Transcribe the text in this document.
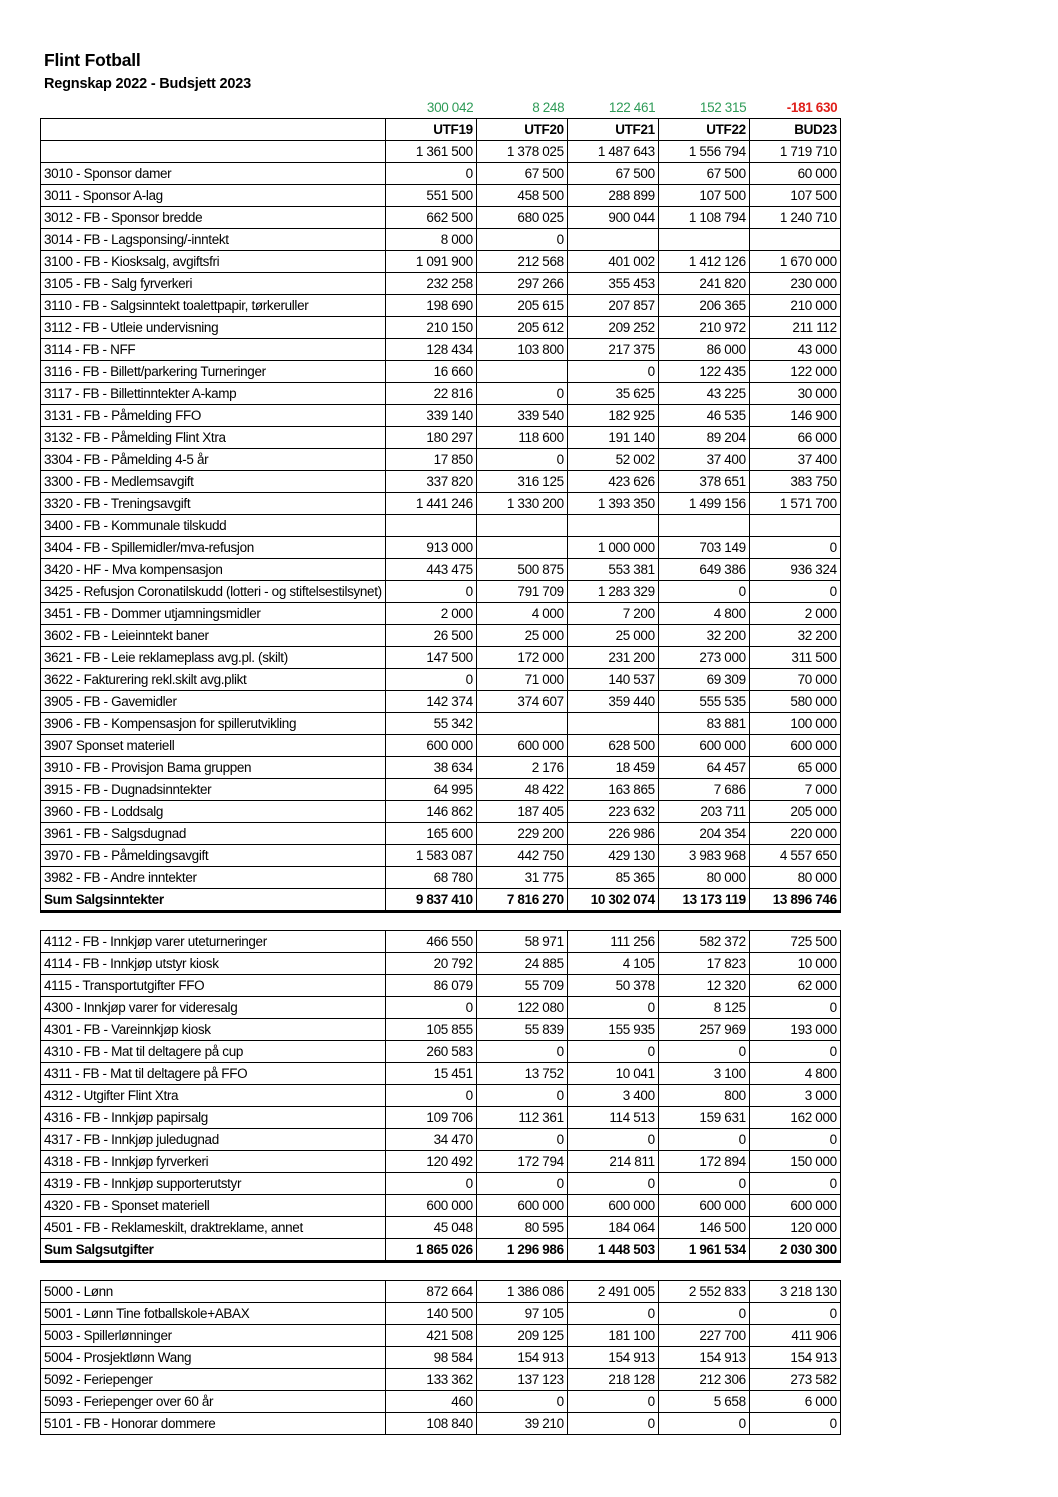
Flint Fotball
Regnskap 2022 - Budsjett 2023
	300 042	8 248	122 461	152 315	-181 630
	UTF19	UTF20	UTF21	UTF22	BUD23
	1 361 500	1 378 025	1 487 643	1 556 794	1 719 710
3010 - Sponsor damer	0	67 500	67 500	67 500	60 000
3011 - Sponsor A-lag	551 500	458 500	288 899	107 500	107 500
3012 - FB - Sponsor bredde	662 500	680 025	900 044	1 108 794	1 240 710
3014 - FB - Lagsponsing/-inntekt	8 000	0			
3100 - FB - Kiosksalg, avgiftsfri	1 091 900	212 568	401 002	1 412 126	1 670 000
3105 - FB - Salg fyrverkeri	232 258	297 266	355 453	241 820	230 000
3110 - FB - Salgsinntekt toalettpapir, tørkeruller	198 690	205 615	207 857	206 365	210 000
3112 - FB - Utleie undervisning	210 150	205 612	209 252	210 972	211 112
3114 - FB - NFF	128 434	103 800	217 375	86 000	43 000
3116 - FB - Billett/parkering Turneringer	16 660		0	122 435	122 000
3117 - FB - Billettinntekter A-kamp	22 816	0	35 625	43 225	30 000
3131 - FB - Påmelding FFO	339 140	339 540	182 925	46 535	146 900
3132 - FB - Påmelding Flint Xtra	180 297	118 600	191 140	89 204	66 000
3304 - FB - Påmelding 4-5 år	17 850	0	52 002	37 400	37 400
3300 - FB - Medlemsavgift	337 820	316 125	423 626	378 651	383 750
3320 - FB - Treningsavgift	1 441 246	1 330 200	1 393 350	1 499 156	1 571 700
3400 - FB - Kommunale tilskudd					
3404 - FB - Spillemidler/mva-refusjon	913 000		1 000 000	703 149	0
3420 - HF - Mva kompensasjon	443 475	500 875	553 381	649 386	936 324
3425 - Refusjon Coronatilskudd (lotteri - og stiftelsestilsynet)	0	791 709	1 283 329	0	0
3451 - FB - Dommer utjamningsmidler	2 000	4 000	7 200	4 800	2 000
3602 - FB - Leieinntekt baner	26 500	25 000	25 000	32 200	32 200
3621 - FB - Leie reklameplass avg.pl. (skilt)	147 500	172 000	231 200	273 000	311 500
3622 - Fakturering rekl.skilt avg.plikt	0	71 000	140 537	69 309	70 000
3905 - FB - Gavemidler	142 374	374 607	359 440	555 535	580 000
3906 - FB - Kompensasjon for spillerutvikling	55 342			83 881	100 000
3907 Sponset materiell	600 000	600 000	628 500	600 000	600 000
3910 - FB - Provisjon Bama gruppen	38 634	2 176	18 459	64 457	65 000
3915 - FB - Dugnadsinntekter	64 995	48 422	163 865	7 686	7 000
3960 - FB - Loddsalg	146 862	187 405	223 632	203 711	205 000
3961 - FB - Salgsdugnad	165 600	229 200	226 986	204 354	220 000
3970 - FB - Påmeldingsavgift	1 583 087	442 750	429 130	3 983 968	4 557 650
3982 - FB - Andre inntekter	68 780	31 775	85 365	80 000	80 000
Sum Salgsinntekter	9 837 410	7 816 270	10 302 074	13 173 119	13 896 746

4112 - FB - Innkjøp varer uteturneringer	466 550	58 971	111 256	582 372	725 500
4114 - FB - Innkjøp utstyr kiosk	20 792	24 885	4 105	17 823	10 000
4115 - Transportutgifter FFO	86 079	55 709	50 378	12 320	62 000
4300 - Innkjøp varer for videresalg	0	122 080	0	8 125	0
4301 - FB - Vareinnkjøp kiosk	105 855	55 839	155 935	257 969	193 000
4310 - FB - Mat til deltagere på cup	260 583	0	0	0	0
4311 - FB - Mat til deltagere på FFO	15 451	13 752	10 041	3 100	4 800
4312 - Utgifter Flint Xtra	0	0	3 400	800	3 000
4316 - FB - Innkjøp papirsalg	109 706	112 361	114 513	159 631	162 000
4317 - FB - Innkjøp juledugnad	34 470	0	0	0	0
4318 - FB - Innkjøp fyrverkeri	120 492	172 794	214 811	172 894	150 000
4319 - FB - Innkjøp supporterutstyr	0	0	0	0	0
4320 - FB - Sponset materiell	600 000	600 000	600 000	600 000	600 000
4501 - FB - Reklameskilt, draktreklame, annet	45 048	80 595	184 064	146 500	120 000
Sum Salgsutgifter	1 865 026	1 296 986	1 448 503	1 961 534	2 030 300

5000 - Lønn	872 664	1 386 086	2 491 005	2 552 833	3 218 130
5001 - Lønn Tine fotballskole+ABAX	140 500	97 105	0	0	0
5003 - Spillerlønninger	421 508	209 125	181 100	227 700	411 906
5004 - Prosjektlønn Wang	98 584	154 913	154 913	154 913	154 913
5092 - Feriepenger	133 362	137 123	218 128	212 306	273 582
5093 - Feriepenger over 60 år	460	0	0	5 658	6 000
5101 - FB - Honorar dommere	108 840	39 210	0	0	0
